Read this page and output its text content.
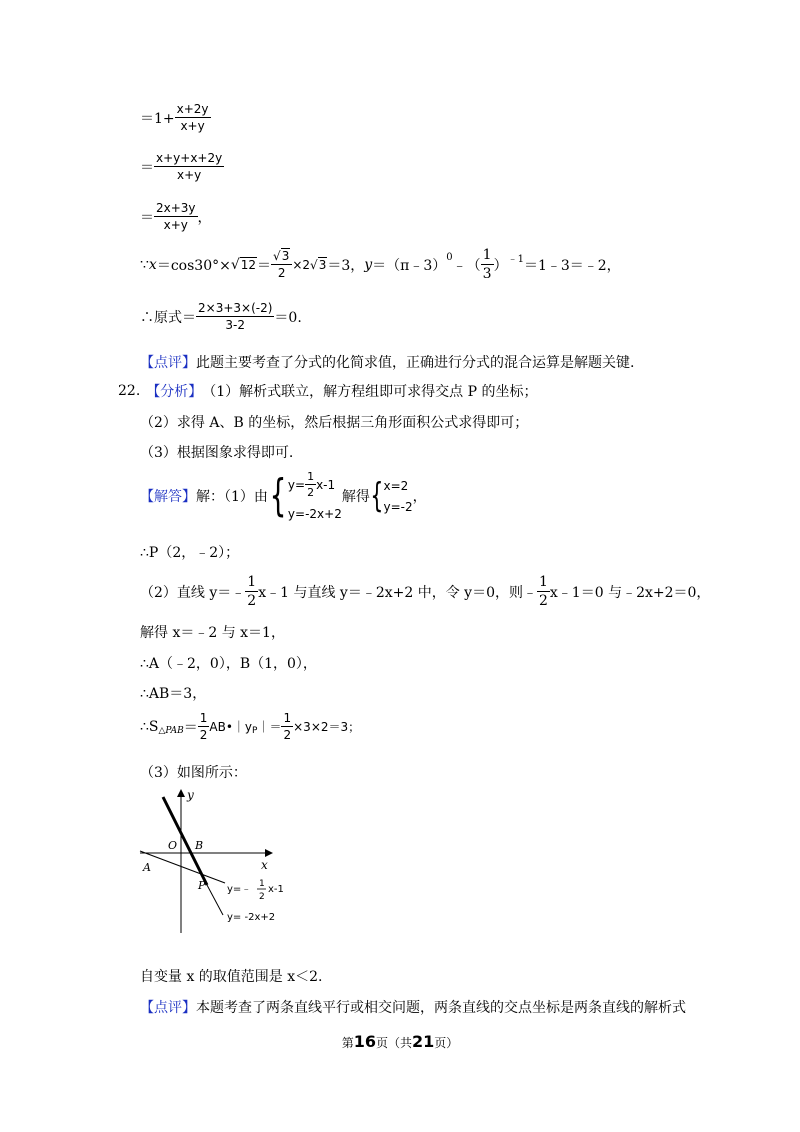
$=1+ \frac{x+2y}{x+y}$
＝ $\frac{x+y+x+2y}{x+y}$
＝ $\frac{2x+3y}{x+y}$ ，
∵ x ＝cos30°× √ $12 = \frac{√3}{2} \times 2$ √ 3 ＝3， y ＝（π﹣3） 0 ﹣（ $\frac{1}{3}$ ） ﹣1 ＝1﹣3＝﹣2，
∴原式＝ $\frac{2\times 3+3\times(-2)}{3-2} =0$.
【点评】 此题主要考查了分式的化简求值，正确进行分式的混合运算是解题关键.
22. 【分析】 （1）解析式联立，解方程组即可求得交点 P 的坐标；
（2）求得 A、B 的坐标，然后根据三角形面积公式求得即可；
（3）根据图象求得即可.
【解答】 解：（1）由 { $y= \frac{1}{2} x-1$
y=-2x+2
解得 { x=2
y=-2
，
∴P（2，﹣2）；
（2）直线 y＝﹣ $\frac{1}{2}$ x﹣1 与直线 y＝﹣2x+2 中，令 y＝0，则﹣ $\frac{1}{2}$ x﹣1＝0 与﹣2x+2＝0，
解得 x＝﹣2 与 x＝1，
∴A（﹣2，0），B（1，0），
∴AB＝3，
∴S △PAB ＝ $\frac{1}{2}$ AB•｜y P ｜＝ $\frac{1}{2} \times 3\times 2=3$；
（3）如图所示：
y
x
O B
A
P y=﹣ 1
2
x-1
y= -2x+2
自变量 x 的取值范围是 x＜2.
【点评】 本题考查了两条直线平行或相交问题，两条直线的交点坐标是两条直线的解析式
第16页（共21页）
